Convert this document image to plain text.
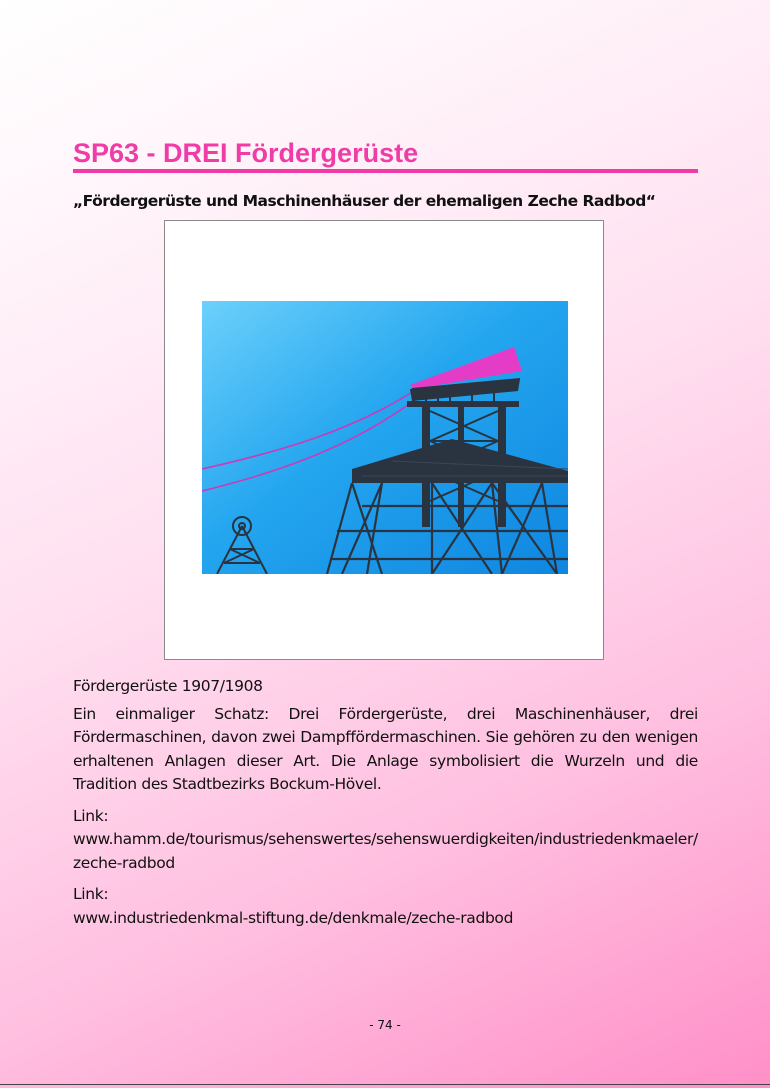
SP63 - DREI Fördergerüste
„Fördergerüste und Maschinenhäuser der ehemaligen Zeche Radbod“

Fördergerüste 1907/1908

Ein einmaliger Schatz: Drei Fördergerüste, drei Maschinenhäuser, drei Fördermaschinen, davon zwei Dampffördermaschinen. Sie gehören zu den wenigen erhaltenen Anlagen dieser Art. Die Anlage symbolisiert die Wurzeln und die Tradition des Stadtbezirks Bockum-Hövel.

Link:

www.hamm.de/tourismus/sehenswertes/sehenswuerdigkeiten/industriedenkmaeler/zeche-radbod

Link:

www.industriedenkmal-stiftung.de/denkmale/zeche-radbod

- 74 -
